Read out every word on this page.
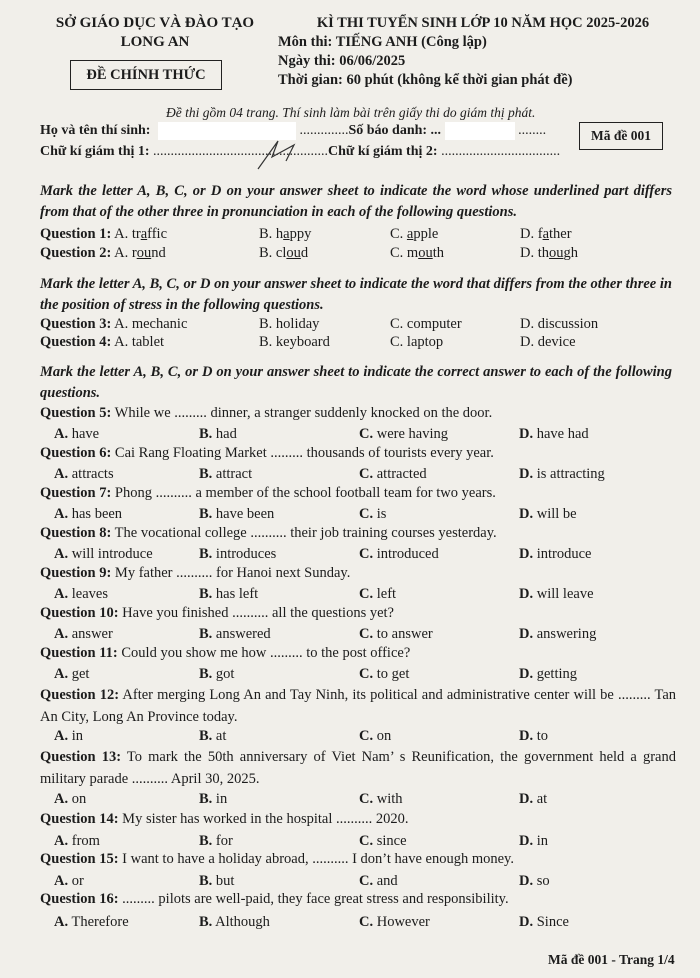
SỞ GIÁO DỤC VÀ ĐÀO TẠO
LONG AN
ĐỀ CHÍNH THỨC
KÌ THI TUYỂN SINH LỚP 10 NĂM HỌC 2025-2026
Môn thi: TIẾNG ANH (Công lập)
Ngày thi: 06/06/2025
Thời gian: 60 phút (không kể thời gian phát đề)
Đề thi gồm 04 trang. Thí sinh làm bài trên giấy thi do giám thị phát.
Họ và tên thí sinh:	..............Số báo danh: ...	........	Mã đề 001
Chữ kí giám thị 1: ..................................................Chữ kí giám thị 2: ..................................
Mark the letter A, B, C, or D on your answer sheet to indicate the word whose underlined part differs from that of the other three in pronunciation in each of the following questions.
Question 1: A. traffic	B. happy	C. apple	D. father
Question 2: A. round	B. cloud	C. mouth	D. though
Mark the letter A, B, C, or D on your answer sheet to indicate the word that differs from the other three in the position of stress in the following questions.
Question 3: A. mechanic	B. holiday	C. computer	D. discussion
Question 4: A. tablet	B. keyboard	C. laptop	D. device
Mark the letter A, B, C, or D on your answer sheet to indicate the correct answer to each of the following questions.
Question 5: While we ......... dinner, a stranger suddenly knocked on the door.
A. have	B. had	C. were having	D. have had
Question 6: Cai Rang Floating Market ......... thousands of tourists every year.
A. attracts	B. attract	C. attracted	D. is attracting
Question 7: Phong .......... a member of the school football team for two years.
A. has been	B. have been	C. is	D. will be
Question 8: The vocational college .......... their job training courses yesterday.
A. will introduce	B. introduces	C. introduced	D. introduce
Question 9: My father .......... for Hanoi next Sunday.
A. leaves	B. has left	C. left	D. will leave
Question 10: Have you finished .......... all the questions yet?
A. answer	B. answered	C. to answer	D. answering
Question 11: Could you show me how ......... to the post office?
A. get	B. got	C. to get	D. getting
Question 12: After merging Long An and Tay Ninh, its political and administrative center will be ......... Tan An City, Long An Province today.
A. in	B. at	C. on	D. to
Question 13: To mark the 50th anniversary of Viet Nam’ s Reunification, the government held a grand military parade .......... April 30, 2025.
A. on	B. in	C. with	D. at
Question 14: My sister has worked in the hospital .......... 2020.
A. from	B. for	C. since	D. in
Question 15: I want to have a holiday abroad, .......... I don’t have enough money.
A. or	B. but	C. and	D. so
Question 16: ......... pilots are well-paid, they face great stress and responsibility.
A. Therefore	B. Although	C. However	D. Since
Mã đề 001 - Trang 1/4
